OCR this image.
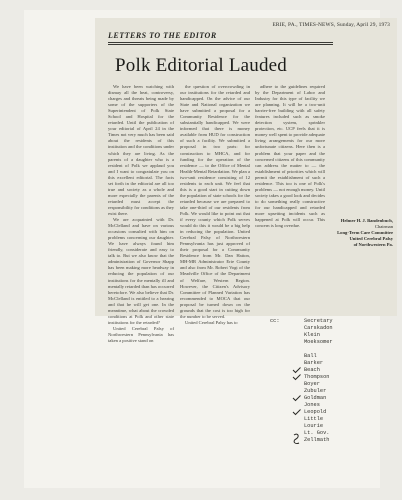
ERIE, PA., TIMES-NEWS, Sunday, April 29, 1973
LETTERS TO THE EDITOR
Polk Editorial Lauded

We have been watching with dismay all the heat, controversy, charges and threats being made by some of the supporters of the Superintendent of Polk State School and Hospital for the retarded. Until the publication of your editorial of April 24 in the Times not very much has been said about the residents of this institution and the conditions under which they are living. As the parents of a daughter who is a resident of Polk we applaud you and I want to congratulate you on this excellent editorial. The facts set forth in the editorial are all too true and society as a whole and more especially the parents of the retarded must accept the responsibility for conditions as they exist there.

We are acquainted with Dr. McClelland and have on various occasions consulted with him on problems concerning our daughter. We have always found him friendly, considerate and easy to talk to. But we also know that the administration of Governor Shapp has been making more headway in reducing the population of our institutions for the mentally ill and mentally retarded than has occurred heretofore. We also believe that Dr. McClelland is entitled to a hearing and that he will get one. In the meantime, what about the crowded conditions at Polk and other state institutions for the retarded?

United Cerebral Palsy of Northwestern Pennsylvania has taken a positive stand on

the question of overcrowding in our institutions for the retarded and handicapped. On the advice of our State and National organization we have submitted a proposal for a Community Residence for the substantially handicapped. We were informed that there is money available from HUD for construction of such a facility. We submitted a proposal in two parts: for construction to MHCA, and for funding for the operation of the residence — to the Office of Mental Health-Mental Retardation. We plan a two-unit residence consisting of 12 residents to each unit. We feel that this is a good start in cutting down the population of state schools for the retarded because we are prepared to take one-third of our residents from Polk. We would like to point out that if every county which Polk serves would do this it would be a big help in reducing the population. United Cerebral Palsy of Northwestern Pennsylvania has just approved of their proposal for a Community Residence from Mr. Dan Hatton, MH-MR Administrator Erie County and also from Mr. Robert Vogt of the Meadville Office of the Department of Welfare, Western Region. However, the Citizen's Advisory Committee of Planned Variation has recommended to MOCA that our proposal be turned down on the grounds that the cost is too high for the number to be served.

United Cerebral Palsy has to

adhere to the guidelines required by the Department of Labor and Industry for this type of facility we are planning. It will be a two-unit barrier-free building with all safety features included such as smoke detection system, sprinkler protection, etc. UCP feels that it is money well spent to provide adequate living arrangements for our more unfortunate citizens. Here then is a problem that your paper and the concerned citizens of this community can address the matter to — the establishment of priorities which will permit the establishment of such a residence. This too is one of Polk's problems — not enough money. Until society takes a good look and decides to do something really constructive for our handicapped and retarded more upsetting incidents such as happened at Polk will occur. This concern is long overdue.

Helmer H. J. Bandenbuch,
Chairman
Long-Term Care Committee
United Cerebral Palsy
of Northwestern Pa.
cc:	Secretary
Carskadon
Klein
Moeksomer
Ball
Barker
Beach
Thompson
Boyer
Zubuler
Goldman
Jones
Leopold
Little
Lourie
Lt. Gov.
Zellmath
